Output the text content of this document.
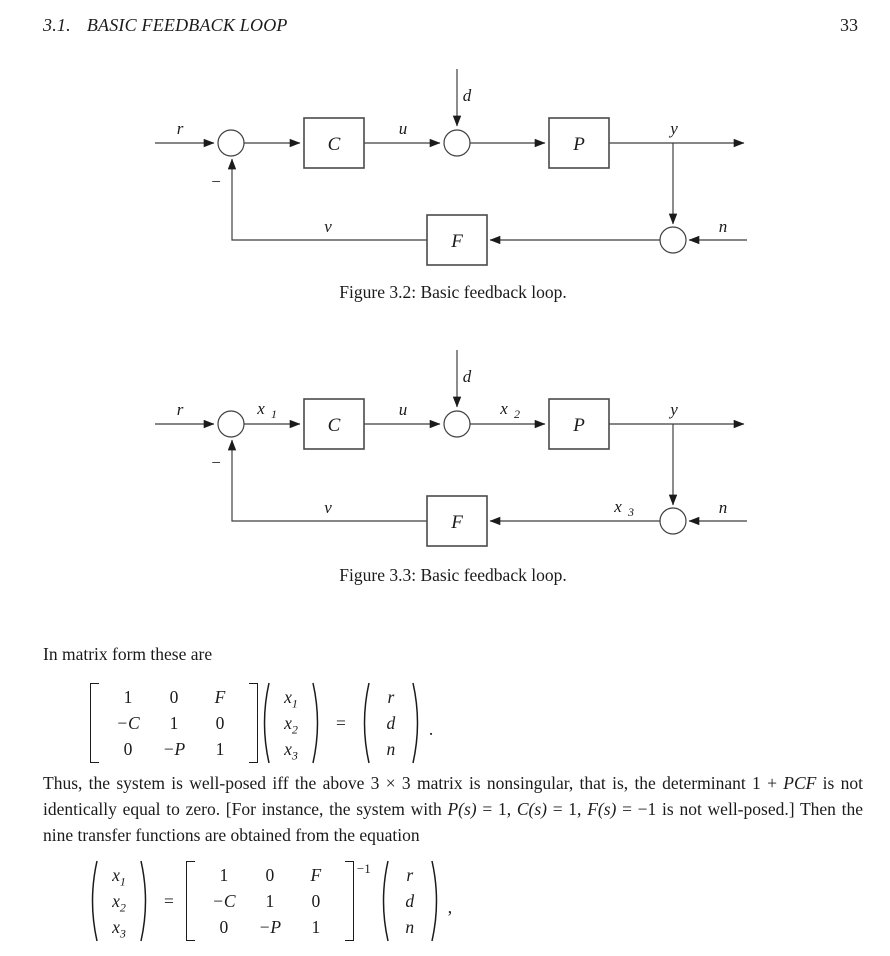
3.1. BASIC FEEDBACK LOOP	33
C	P
F
r
d
u	y
n
v
−
Figure 3.2: Basic feedback loop.
C	P
F
r
d
u	y
n
v
−
x 1	x 2
x 3
Figure 3.3: Basic feedback loop.
In matrix form these are
1	0	F
−C	1	0
0	−P	1
$x_1$
$x_2$
$x_3$
=
r
d
n
.
Thus, the system is well-posed iff the above 3 × 3 matrix is nonsingular, that is, the determinant 1 + PCF is not identically equal to zero. [For instance, the system with P(s) = 1, C(s) = 1, F(s) = −1 is not well-posed.] Then the nine transfer functions are obtained from the equation
$x_1$
$x_2$
$x_3$
=
1	0	F
−C	1	0
0	−P	1
−1	r
d
n
,
